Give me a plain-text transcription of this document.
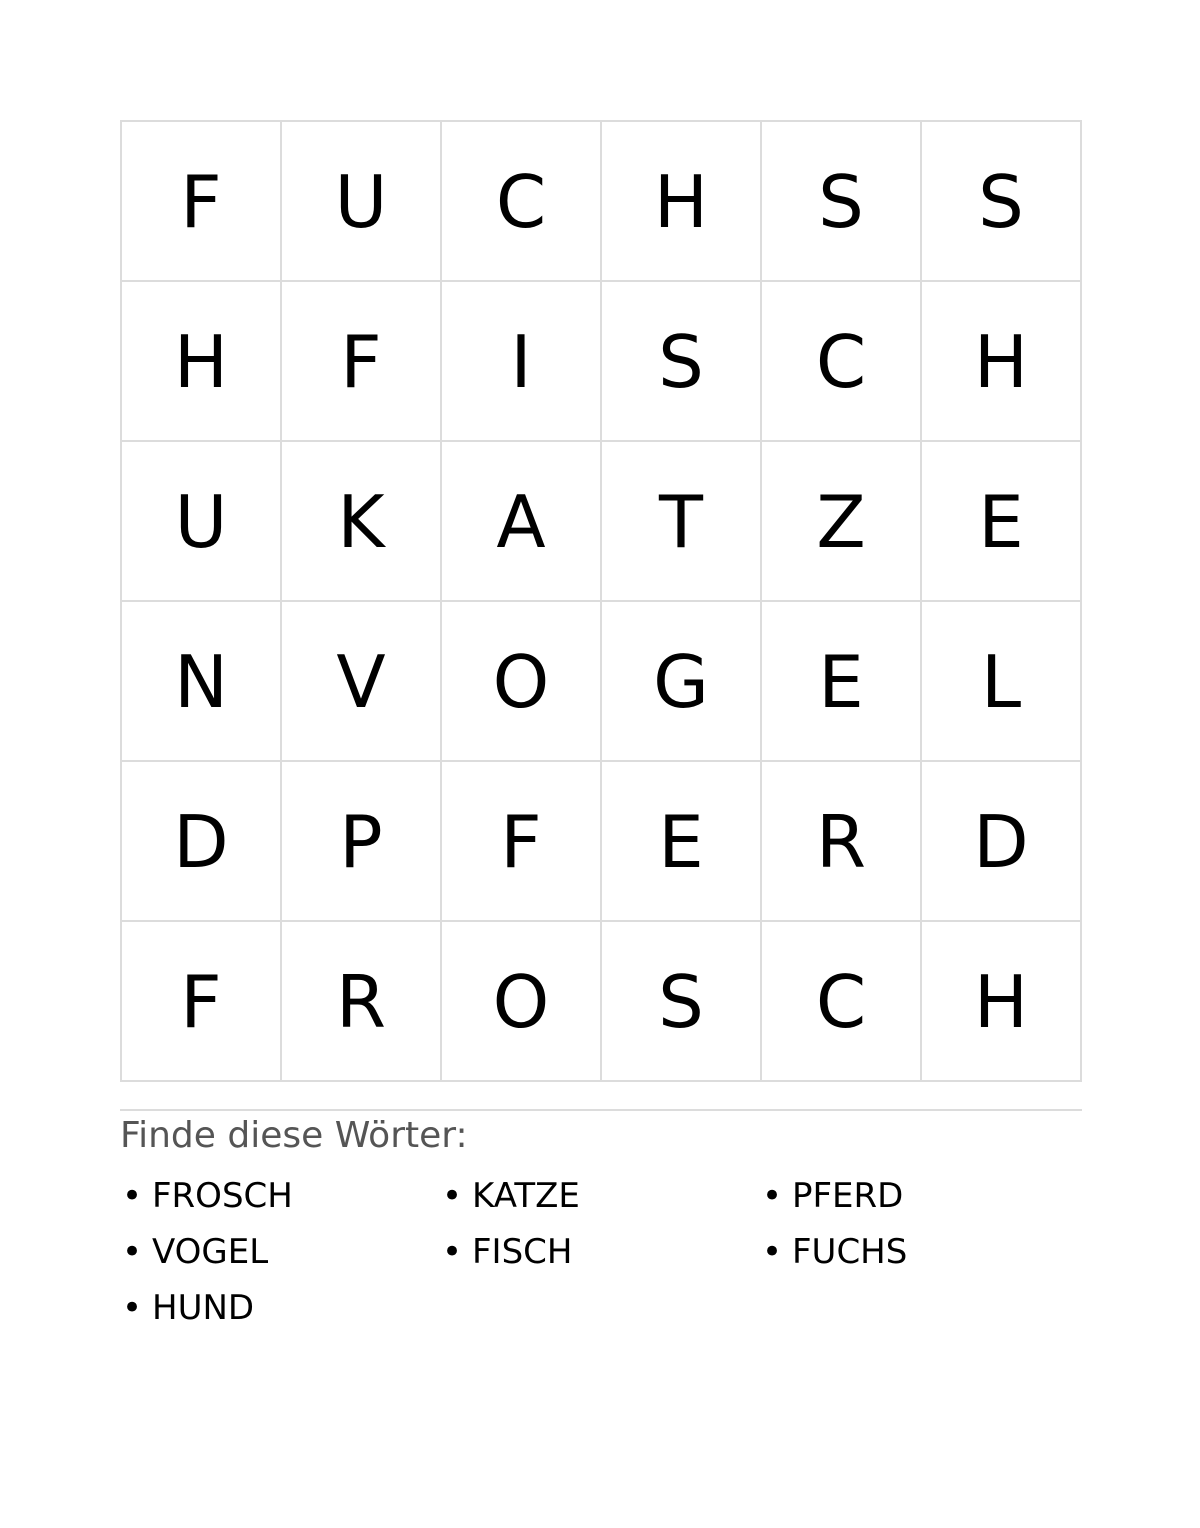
F	U	C	H	S	S
H	F	I	S	C	H
U	K	A	T	Z	E
N	V	O	G	E	L
D	P	F	E	R	D
F	R	O	S	C	H
Finde diese Wörter:
• FROSCH	• KATZE	• PFERD
• VOGEL	• FISCH	• FUCHS
• HUND
